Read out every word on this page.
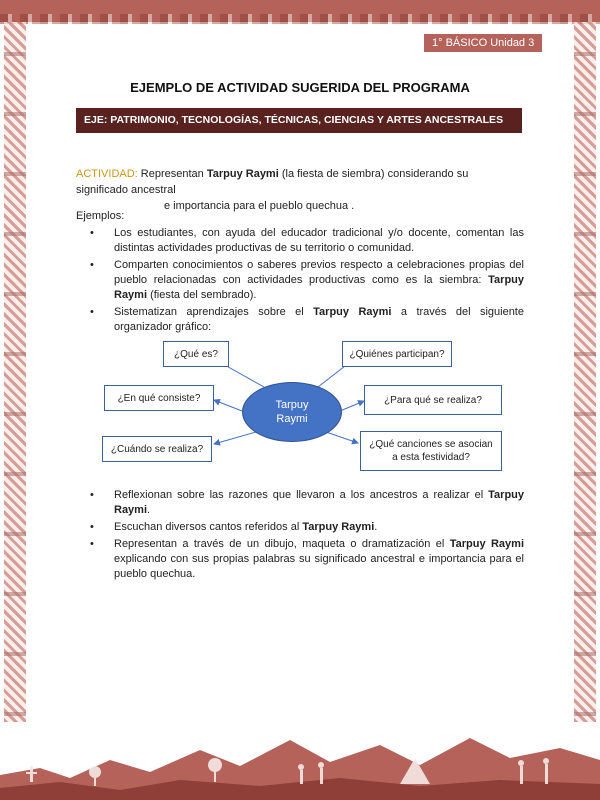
1° BÁSICO Unidad 3
EJEMPLO DE ACTIVIDAD SUGERIDA DEL PROGRAMA
EJE: PATRIMONIO, TECNOLOGÍAS, TÉCNICAS, CIENCIAS Y ARTES ANCESTRALES
ACTIVIDAD: Representan Tarpuy Raymi (la fiesta de siembra) considerando su significado ancestral
e importancia para el pueblo quechua .
Ejemplos:
• Los estudiantes, con ayuda del educador tradicional y/o docente, comentan las distintas actividades productivas de su territorio o comunidad.
• Comparten conocimientos o saberes previos respecto a celebraciones propias del pueblo relacionadas con actividades productivas como es la siembra: Tarpuy Raymi (fiesta del sembrado).
• Sistematizan aprendizajes sobre el Tarpuy Raymi a través del siguiente organizador gráfico:
¿Qué es?	¿Quiénes participan?
¿En qué consiste?	¿Para qué se realiza?
Tarpuy Raymi
¿Cuándo se realiza?	¿Qué canciones se asocian a esta festividad?
• Reflexionan sobre las razones que llevaron a los ancestros a realizar el Tarpuy Raymi.
• Escuchan diversos cantos referidos al Tarpuy Raymi.
• Representan a través de un dibujo, maqueta o dramatización el Tarpuy Raymi explicando con sus propias palabras su significado ancestral e importancia para el pueblo quechua.
